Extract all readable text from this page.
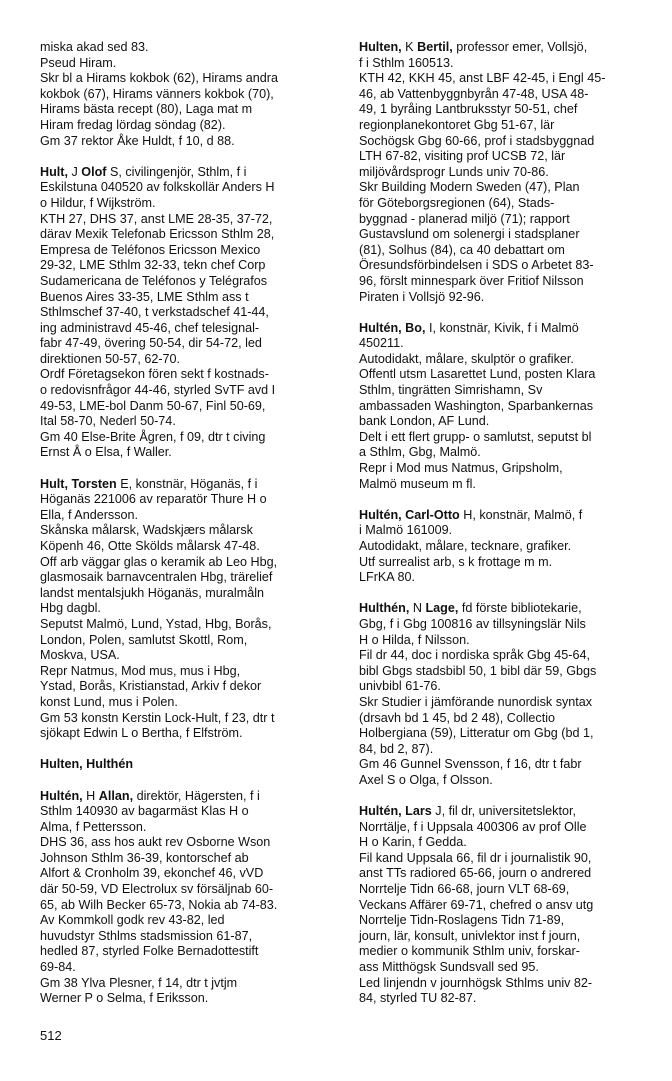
miska akad sed 83.
Pseud Hiram.
Skr bl a Hirams kokbok (62), Hirams andra
kokbok (67), Hirams vänners kokbok (70),
Hirams bästa recept (80), Laga mat m
Hiram fredag lördag söndag (82).
Gm 37 rektor Åke Huldt, f 10, d 88.
Hult, J Olof S, civilingenjör, Sthlm, f i
Eskilstuna 040520 av folkskollär Anders H
o Hildur, f Wijkström.
KTH 27, DHS 37, anst LME 28-35, 37-72,
därav Mexik Telefonab Ericsson Sthlm 28,
Empresa de Teléfonos Ericsson Mexico
29-32, LME Sthlm 32-33, tekn chef Corp
Sudamericana de Teléfonos y Telégrafos
Buenos Aires 33-35, LME Sthlm ass t
Sthlmschef 37-40, t verkstadschef 41-44,
ing administravd 45-46, chef telesignal-
fabr 47-49, övering 50-54, dir 54-72, led
direktionen 50-57, 62-70.
Ordf Företagsekon fören sekt f kostnads-
o redovisnfrågor 44-46, styrled SvTF avd I
49-53, LME-bol Danm 50-67, Finl 50-69,
Ital 58-70, Nederl 50-74.
Gm 40 Else-Brite Ågren, f 09, dtr t civing
Ernst Å o Elsa, f Waller.
Hult, Torsten E, konstnär, Höganäs, f i
Höganäs 221006 av reparatör Thure H o
Ella, f Andersson.
Skånska målarsk, Wadskjærs målarsk
Köpenh 46, Otte Skölds målarsk 47-48.
Off arb väggar glas o keramik ab Leo Hbg,
glasmosaik barnavcentralen Hbg, trärelief
landst mentalsjukh Höganäs, muralmåln
Hbg dagbl.
Seputst Malmö, Lund, Ystad, Hbg, Borås,
London, Polen, samlutst Skottl, Rom,
Moskva, USA.
Repr Natmus, Mod mus, mus i Hbg,
Ystad, Borås, Kristianstad, Arkiv f dekor
konst Lund, mus i Polen.
Gm 53 konstn Kerstin Lock-Hult, f 23, dtr t
sjökapt Edwin L o Bertha, f Elfström.
Hulten, Hulthén
Hultén, H Allan, direktör, Hägersten, f i
Sthlm 140930 av bagarmäst Klas H o
Alma, f Pettersson.
DHS 36, ass hos aukt rev Osborne Wson
Johnson Sthlm 36-39, kontorschef ab
Alfort & Cronholm 39, ekonchef 46, vVD
där 50-59, VD Electrolux sv försäljnab 60-
65, ab Wilh Becker 65-73, Nokia ab 74-83.
Av Kommkoll godk rev 43-82, led
huvudstyr Sthlms stadsmission 61-87,
hedled 87, styrled Folke Bernadottestift
69-84.
Gm 38 Ylva Plesner, f 14, dtr t jvtjm
Werner P o Selma, f Eriksson.
Hulten, K Bertil, professor emer, Vollsjö,
f i Sthlm 160513.
KTH 42, KKH 45, anst LBF 42-45, i Engl 45-
46, ab Vattenbyggnbyrån 47-48, USA 48-
49, 1 byråing Lantbruksstyr 50-51, chef
regionplanekontoret Gbg 51-67, lär
Sochögsk Gbg 60-66, prof i stadsbyggnad
LTH 67-82, visiting prof UCSB 72, lär
miljövårdsprogr Lunds univ 70-86.
Skr Building Modern Sweden (47), Plan
för Göteborgsregionen (64), Stads-
byggnad - planerad miljö (71); rapport
Gustavslund om solenergi i stadsplaner
(81), Solhus (84), ca 40 debattart om
Öresundsförbindelsen i SDS o Arbetet 83-
96, förslt minnespark över Fritiof Nilsson
Piraten i Vollsjö 92-96.
Hultén, Bo, I, konstnär, Kivik, f i Malmö
450211.
Autodidakt, målare, skulptör o grafiker.
Offentl utsm Lasarettet Lund, posten Klara
Sthlm, tingrätten Simrishamn, Sv
ambassaden Washington, Sparbankernas
bank London, AF Lund.
Delt i ett flert grupp- o samlutst, seputst bl
a Sthlm, Gbg, Malmö.
Repr i Mod mus Natmus, Gripsholm,
Malmö museum m fl.
Hultén, Carl-Otto H, konstnär, Malmö, f
i Malmö 161009.
Autodidakt, målare, tecknare, grafiker.
Utf surrealist arb, s k frottage m m.
LFrKA 80.
Hulthén, N Lage, fd förste bibliotekarie,
Gbg, f i Gbg 100816 av tillsyningslär Nils
H o Hilda, f Nilsson.
Fil dr 44, doc i nordiska språk Gbg 45-64,
bibl Gbgs stadsbibl 50, 1 bibl där 59, Gbgs
univbibl 61-76.
Skr Studier i jämförande nunordisk syntax
(drsavh bd 1 45, bd 2 48), Collectio
Holbergiana (59), Litteratur om Gbg (bd 1,
84, bd 2, 87).
Gm 46 Gunnel Svensson, f 16, dtr t fabr
Axel S o Olga, f Olsson.
Hultén, Lars J, fil dr, universitetslektor,
Norrtälje, f i Uppsala 400306 av prof Olle
H o Karin, f Gedda.
Fil kand Uppsala 66, fil dr i journalistik 90,
anst TTs radiored 65-66, journ o andrered
Norrtelje Tidn 66-68, journ VLT 68-69,
Veckans Affärer 69-71, chefred o ansv utg
Norrtelje Tidn-Roslagens Tidn 71-89,
journ, lär, konsult, univlektor inst f journ,
medier o kommunik Sthlm univ, forskar-
ass Mitthögsk Sundsvall sed 95.
Led linjendn v journhögsk Sthlms univ 82-
84, styrled TU 82-87.
512
